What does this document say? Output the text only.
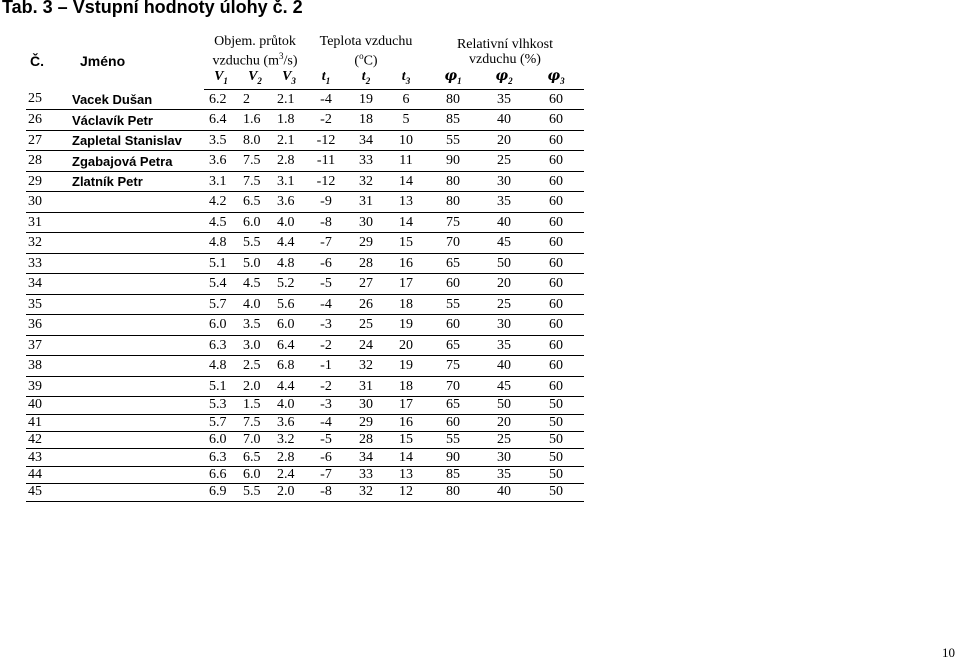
Tab. 3 – Vstupní hodnoty úlohy č. 2
Č.	Jméno	Objem. průtok
vzduchu $(m^3/s)$			Teplota vzduchu
($^o$C)			Relativní vlhkost
vzduchu (%)		
		$V_1$	$V_2$	$V_3$	$t_1$	$t_2$	$t_3$	$\varphi_1$	$\varphi_2$	$\varphi_3$
25	Vacek Dušan	6.2	2	2.1	-4	19	6	80	35	60
26	Václavík Petr	6.4	1.6	1.8	-2	18	5	85	40	60
27	Zapletal Stanislav	3.5	8.0	2.1	-12	34	10	55	20	60
28	Zgabajová Petra	3.6	7.5	2.8	-11	33	11	90	25	60
29	Zlatník Petr	3.1	7.5	3.1	-12	32	14	80	30	60
30		4.2	6.5	3.6	-9	31	13	80	35	60
31		4.5	6.0	4.0	-8	30	14	75	40	60
32		4.8	5.5	4.4	-7	29	15	70	45	60
33		5.1	5.0	4.8	-6	28	16	65	50	60
34		5.4	4.5	5.2	-5	27	17	60	20	60
35		5.7	4.0	5.6	-4	26	18	55	25	60
36		6.0	3.5	6.0	-3	25	19	60	30	60
37		6.3	3.0	6.4	-2	24	20	65	35	60
38		4.8	2.5	6.8	-1	32	19	75	40	60
39		5.1	2.0	4.4	-2	31	18	70	45	60
40		5.3	1.5	4.0	-3	30	17	65	50	50
41		5.7	7.5	3.6	-4	29	16	60	20	50
42		6.0	7.0	3.2	-5	28	15	55	25	50
43		6.3	6.5	2.8	-6	34	14	90	30	50
44		6.6	6.0	2.4	-7	33	13	85	35	50
45		6.9	5.5	2.0	-8	32	12	80	40	50
10
